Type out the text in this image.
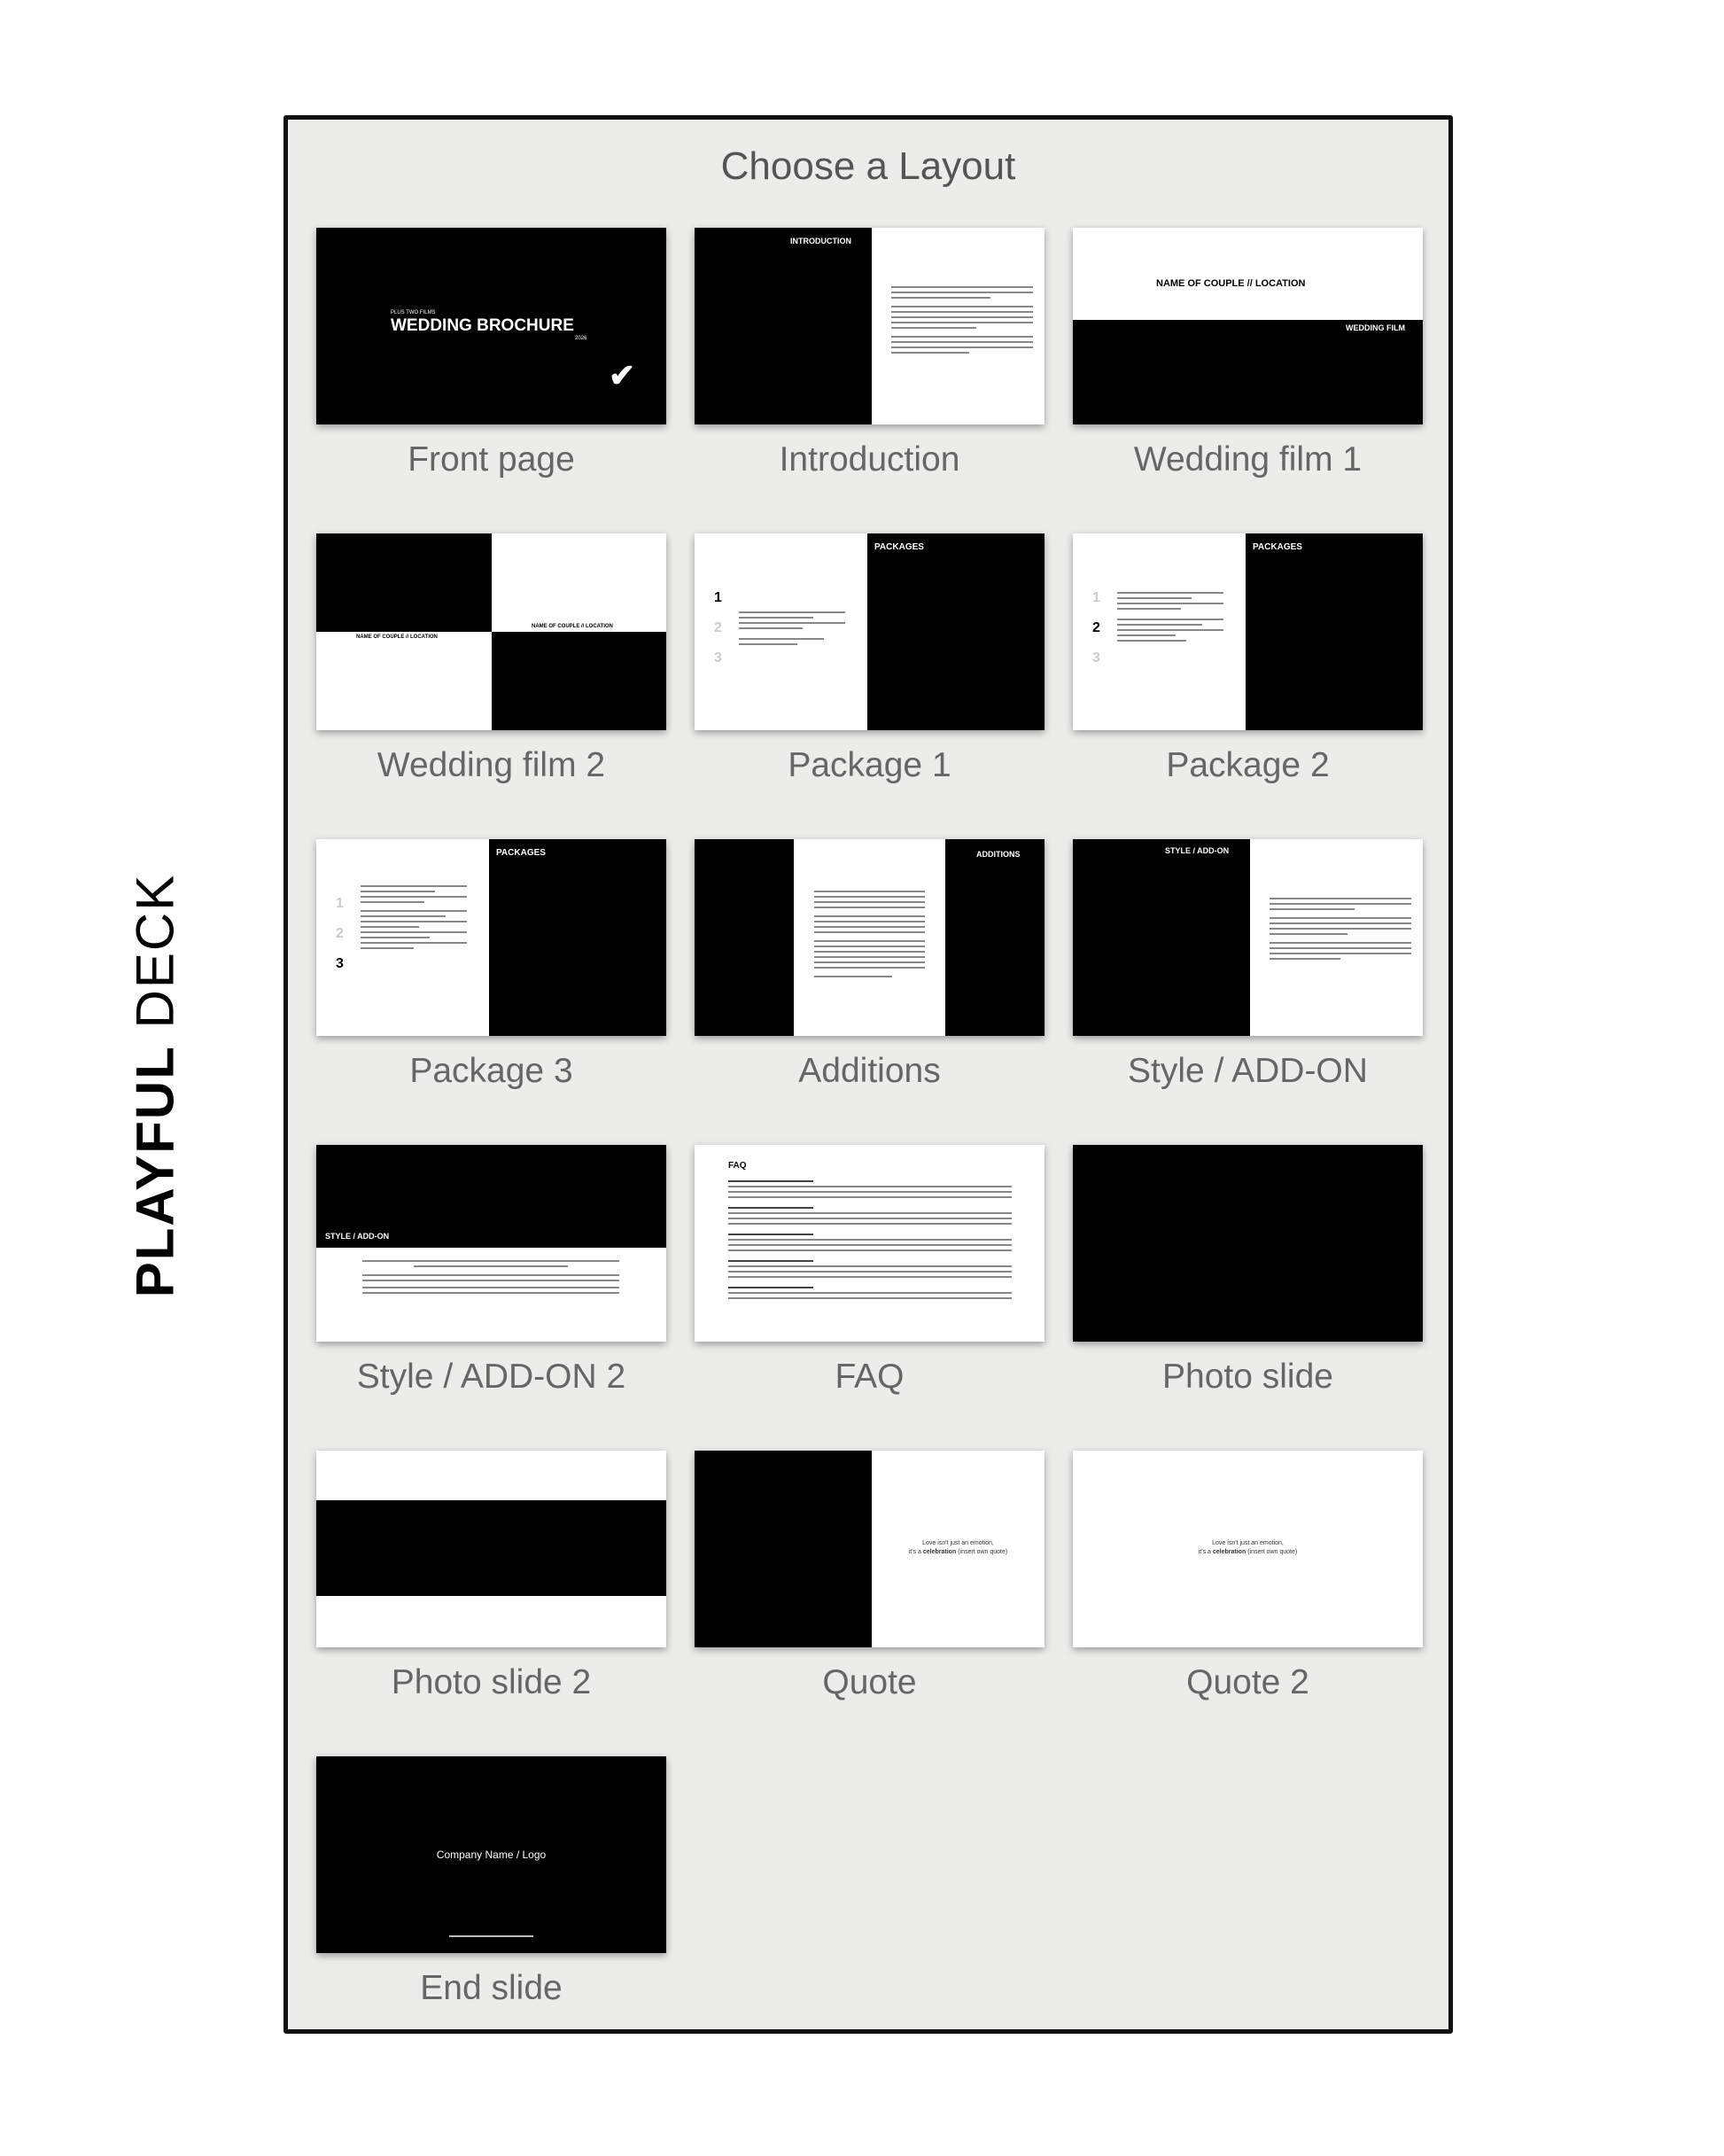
PLAYFUL DECK
Choose a Layout
PLUS TWO FILMS
WEDDING BROCHURE
2026
✔
Front page
INTRODUCTION
Introduction
NAME OF COUPLE // LOCATION
WEDDING FILM
Wedding film 1
NAME OF COUPLE // LOCATION
NAME OF COUPLE // LOCATION
Wedding film 2
PACKAGES
1
2
3
Package 1
PACKAGES
1
2
3
Package 2
PACKAGES
1
2
3
Package 3
ADDITIONS
Additions
STYLE / ADD-ON
Style / ADD-ON
STYLE / ADD-ON
Style / ADD-ON 2
FAQ
FAQ	Photo slide
Photo slide 2
Love isn't just an emotion,
it's a celebration (insert own quote)
Quote
Love isn't just an emotion,
it's a celebration (insert own quote)
Quote 2
Company Name / Logo
End slide
